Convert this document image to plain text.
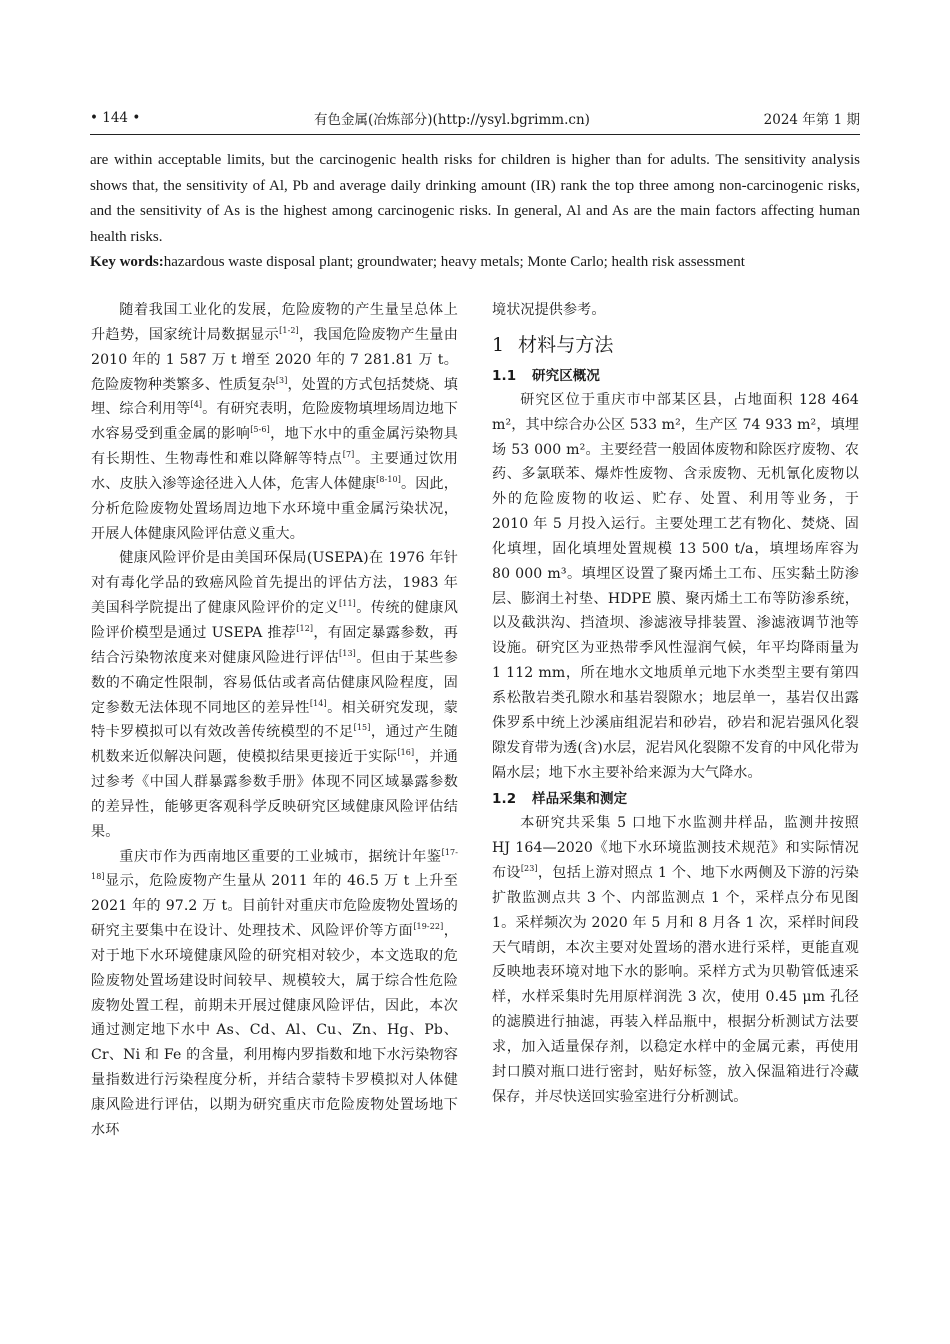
• 144 •	有色金属(冶炼部分)(http://ysyl.bgrimm.cn)	2024 年第 1 期
are within acceptable limits, but the carcinogenic health risks for children is higher than for adults. The sensitivity analysis shows that, the sensitivity of Al, Pb and average daily drinking amount (IR) rank the top three among non-carcinogenic risks, and the sensitivity of As is the highest among carcinogenic risks. In general, Al and As are the main factors affecting human health risks.
Key words:hazardous waste disposal plant; groundwater; heavy metals; Monte Carlo; health risk assessment

随着我国工业化的发展，危险废物的产生量呈总体上升趋势，国家统计局数据显示[1-2]，我国危险废物产生量由 2010 年的 1 587 万 t 增至 2020 年的 7 281.81 万 t。危险废物种类繁多、性质复杂[3]，处置的方式包括焚烧、填埋、综合利用等[4]。有研究表明，危险废物填埋场周边地下水容易受到重金属的影响[5-6]，地下水中的重金属污染物具有长期性、生物毒性和难以降解等特点[7]。主要通过饮用水、皮肤入渗等途径进入人体，危害人体健康[8-10]。因此，分析危险废物处置场周边地下水环境中重金属污染状况，开展人体健康风险评估意义重大。

健康风险评价是由美国环保局(USEPA)在 1976 年针对有毒化学品的致癌风险首先提出的评估方法，1983 年美国科学院提出了健康风险评价的定义[11]。传统的健康风险评价模型是通过 USEPA 推荐[12]，有固定暴露参数，再结合污染物浓度来对健康风险进行评估[13]。但由于某些参数的不确定性限制，容易低估或者高估健康风险程度，固定参数无法体现不同地区的差异性[14]。相关研究发现，蒙特卡罗模拟可以有效改善传统模型的不足[15]，通过产生随机数来近似解决问题，使模拟结果更接近于实际[16]，并通过参考《中国人群暴露参数手册》体现不同区域暴露参数的差异性，能够更客观科学反映研究区域健康风险评估结果。

重庆市作为西南地区重要的工业城市，据统计年鉴[17-18]显示，危险废物产生量从 2011 年的 46.5 万 t 上升至 2021 年的 97.2 万 t。目前针对重庆市危险废物处置场的研究主要集中在设计、处理技术、风险评价等方面[19-22]，对于地下水环境健康风险的研究相对较少，本文选取的危险废物处置场建设时间较早、规模较大，属于综合性危险废物处置工程，前期未开展过健康风险评估，因此，本次通过测定地下水中 As、Cd、Al、Cu、Zn、Hg、Pb、Cr、Ni 和 Fe 的含量，利用梅内罗指数和地下水污染物容量指数进行污染程度分析，并结合蒙特卡罗模拟对人体健康风险进行评估，以期为研究重庆市危险废物处置场地下水环

境状况提供参考。

1 材料与方法
1.1 研究区概况

研究区位于重庆市中部某区县，占地面积 128 464 m²，其中综合办公区 533 m²，生产区 74 933 m²，填埋场 53 000 m²。主要经营一般固体废物和除医疗废物、农药、多氯联苯、爆炸性废物、含汞废物、无机氰化废物以外的危险废物的收运、贮存、处置、利用等业务，于 2010 年 5 月投入运行。主要处理工艺有物化、焚烧、固化填埋，固化填埋处置规模 13 500 t/a，填埋场库容为 80 000 m³。填埋区设置了聚丙烯土工布、压实黏土防渗层、膨润土衬垫、HDPE 膜、聚丙烯土工布等防渗系统，以及截洪沟、挡渣坝、渗滤液导排装置、渗滤液调节池等设施。研究区为亚热带季风性湿润气候，年平均降雨量为 1 112 mm，所在地水文地质单元地下水类型主要有第四系松散岩类孔隙水和基岩裂隙水；地层单一，基岩仅出露侏罗系中统上沙溪庙组泥岩和砂岩，砂岩和泥岩强风化裂隙发育带为透(含)水层，泥岩风化裂隙不发育的中风化带为隔水层；地下水主要补给来源为大气降水。

1.2 样品采集和测定

本研究共采集 5 口地下水监测井样品，监测井按照 HJ 164—2020《地下水环境监测技术规范》和实际情况布设[23]，包括上游对照点 1 个、地下水两侧及下游的污染扩散监测点共 3 个、内部监测点 1 个，采样点分布见图 1。采样频次为 2020 年 5 月和 8 月各 1 次，采样时间段天气晴朗，本次主要对处置场的潜水进行采样，更能直观反映地表环境对地下水的影响。采样方式为贝勒管低速采样，水样采集时先用原样润洗 3 次，使用 0.45 μm 孔径的滤膜进行抽滤，再装入样品瓶中，根据分析测试方法要求，加入适量保存剂，以稳定水样中的金属元素，再使用封口膜对瓶口进行密封，贴好标签，放入保温箱进行冷藏保存，并尽快送回实验室进行分析测试。
